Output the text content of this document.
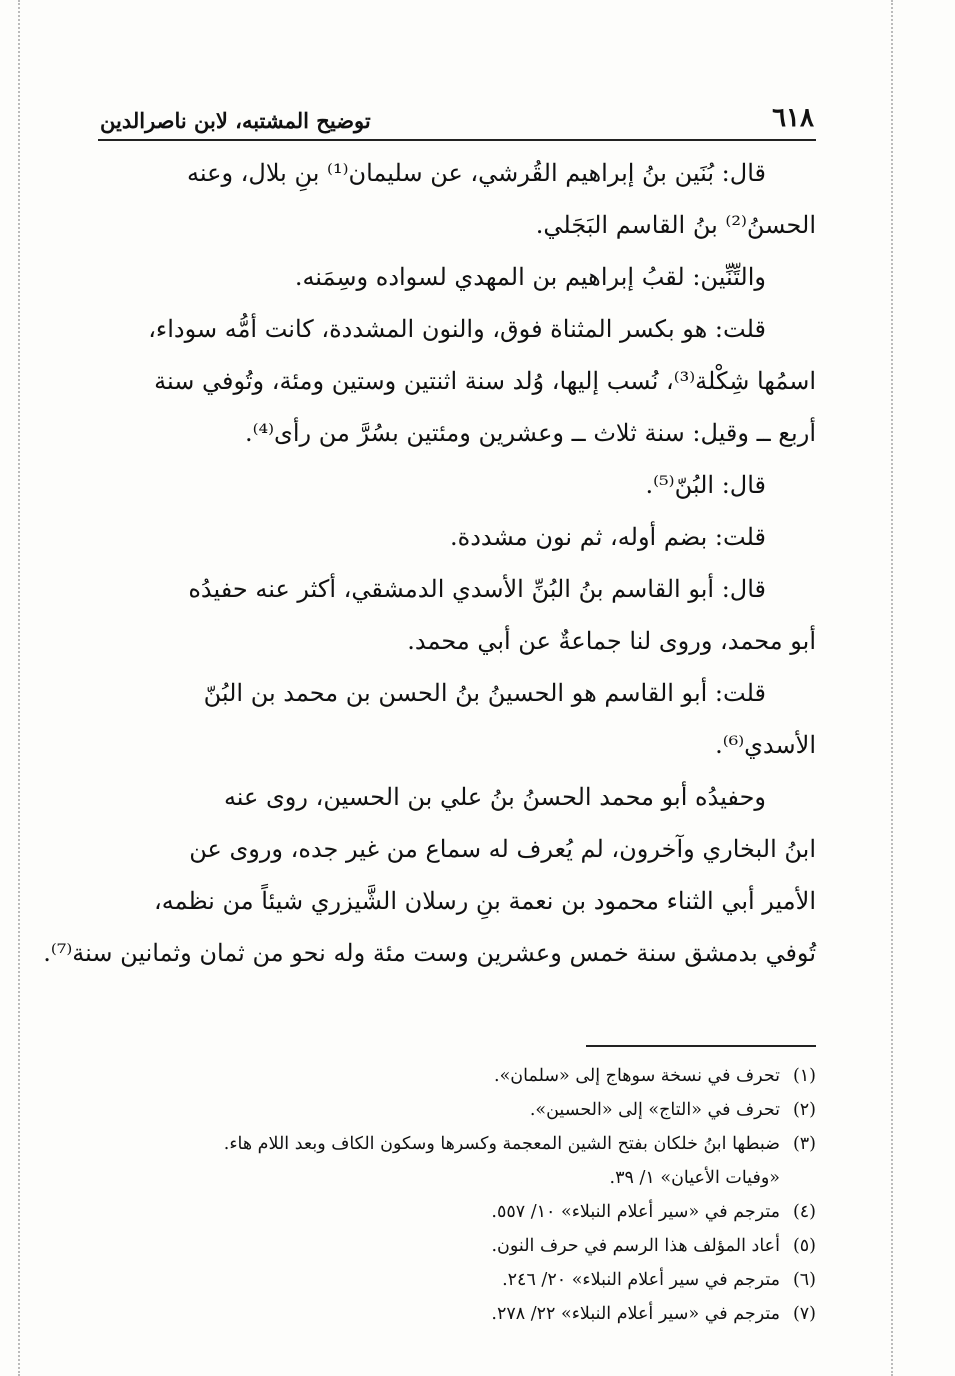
٦١٨
توضيح المشتبه، لابن ناصرالدين

قال: بُنَين بنُ إبراهيم القُرشي، عن سليمان⁽¹⁾ بنِ بلال، وعنه
الحسنُ⁽²⁾ بنُ القاسم البَجَلي.

والتِّنِّين: لقبُ إبراهيم بن المهدي لسواده وسِمَنه.

قلت: هو بكسر المثناة فوق، والنون المشددة، كانت أمُّه سوداء،
اسمُها شِكْلة⁽³⁾، نُسب إليها، وُلد سنة اثنتين وستين ومئة، وتُوفي سنة
أربع ــ وقيل: سنة ثلاث ــ وعشرين ومئتين بسُرَّ من رأى⁽⁴⁾.

قال: البُنّ⁽⁵⁾.

قلت: بضم أوله، ثم نون مشددة.

قال: أبو القاسم بنُ البُنِّ الأسدي الدمشقي، أكثر عنه حفيدُه
أبو محمد، وروى لنا جماعةٌ عن أبي محمد.

قلت: أبو القاسم هو الحسينُ بنُ الحسن بن محمد بن البُنّ
الأسدي⁽⁶⁾.

وحفيدُه أبو محمد الحسنُ بنُ علي بن الحسين، روى عنه
ابنُ البخاري وآخرون، لم يُعرف له سماع من غير جده، وروى عن
الأمير أبي الثناء محمود بن نعمة بنِ رسلان الشَّيزري شيئاً من نظمه،
تُوفي بدمشق سنة خمس وعشرين وست مئة وله نحو من ثمان وثمانين سنة⁽⁷⁾.

(١)تحرف في نسخة سوهاج إلى «سلمان».

(٢)تحرف في «التاج» إلى «الحسين».

(٣)ضبطها ابنُ خلكان بفتح الشين المعجمة وكسرها وسكون الكاف وبعد اللام هاء.

«وفيات الأعيان» ١/ ٣٩.

(٤)مترجم في «سير أعلام النبلاء» ١٠/ ٥٥٧.

(٥)أعاد المؤلف هذا الرسم في حرف النون.

(٦)مترجم في سير أعلام النبلاء» ٢٠/ ٢٤٦.

(٧)مترجم في «سير أعلام النبلاء» ٢٢/ ٢٧٨.
